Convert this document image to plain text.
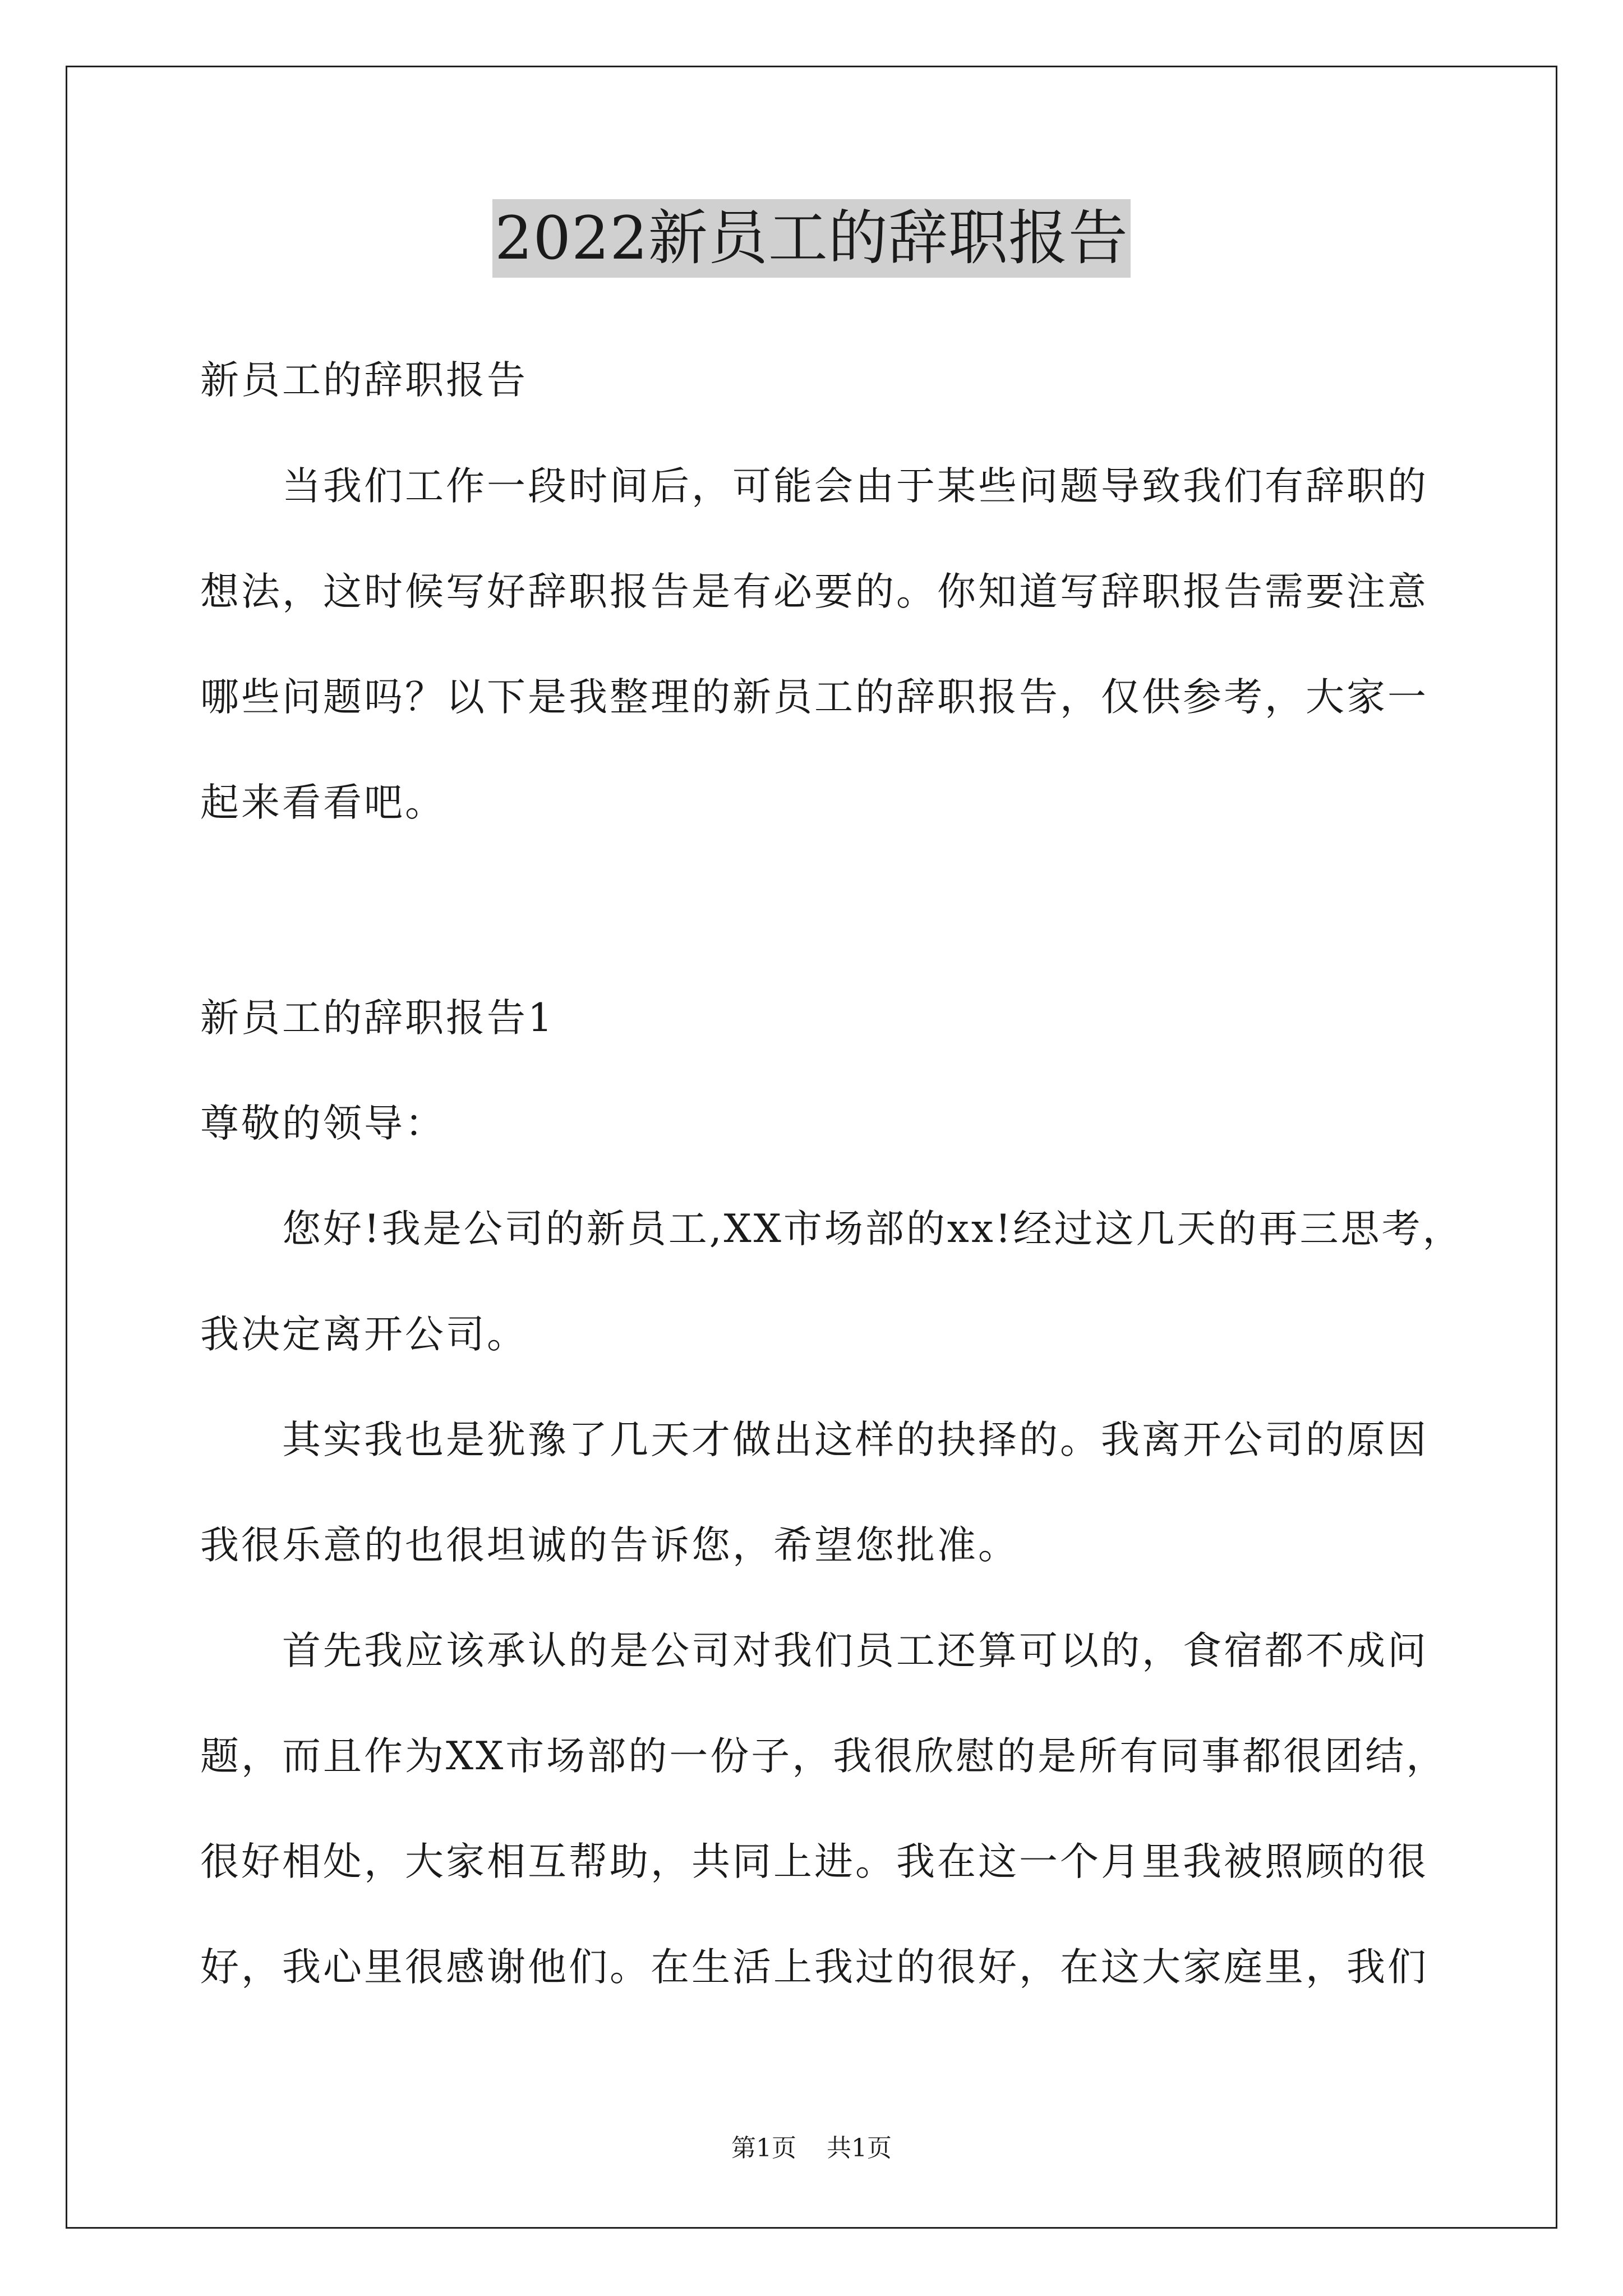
2022新员工的辞职报告
新员工的辞职报告
当我们工作一段时间后，可能会由于某些问题导致我们有辞职的
想法，这时候写好辞职报告是有必要的。你知道写辞职报告需要注意
哪些问题吗？以下是我整理的新员工的辞职报告，仅供参考，大家一
起来看看吧。
新员工的辞职报告1
尊敬的领导：
您好!我是公司的新员工,XX市场部的xx!经过这几天的再三思考，
我决定离开公司。
其实我也是犹豫了几天才做出这样的抉择的。我离开公司的原因
我很乐意的也很坦诚的告诉您，希望您批准。
首先我应该承认的是公司对我们员工还算可以的，食宿都不成问
题，而且作为XX市场部的一份子，我很欣慰的是所有同事都很团结，
很好相处，大家相互帮助，共同上进。我在这一个月里我被照顾的很
好，我心里很感谢他们。在生活上我过的很好，在这大家庭里，我们
第1页 共1页
